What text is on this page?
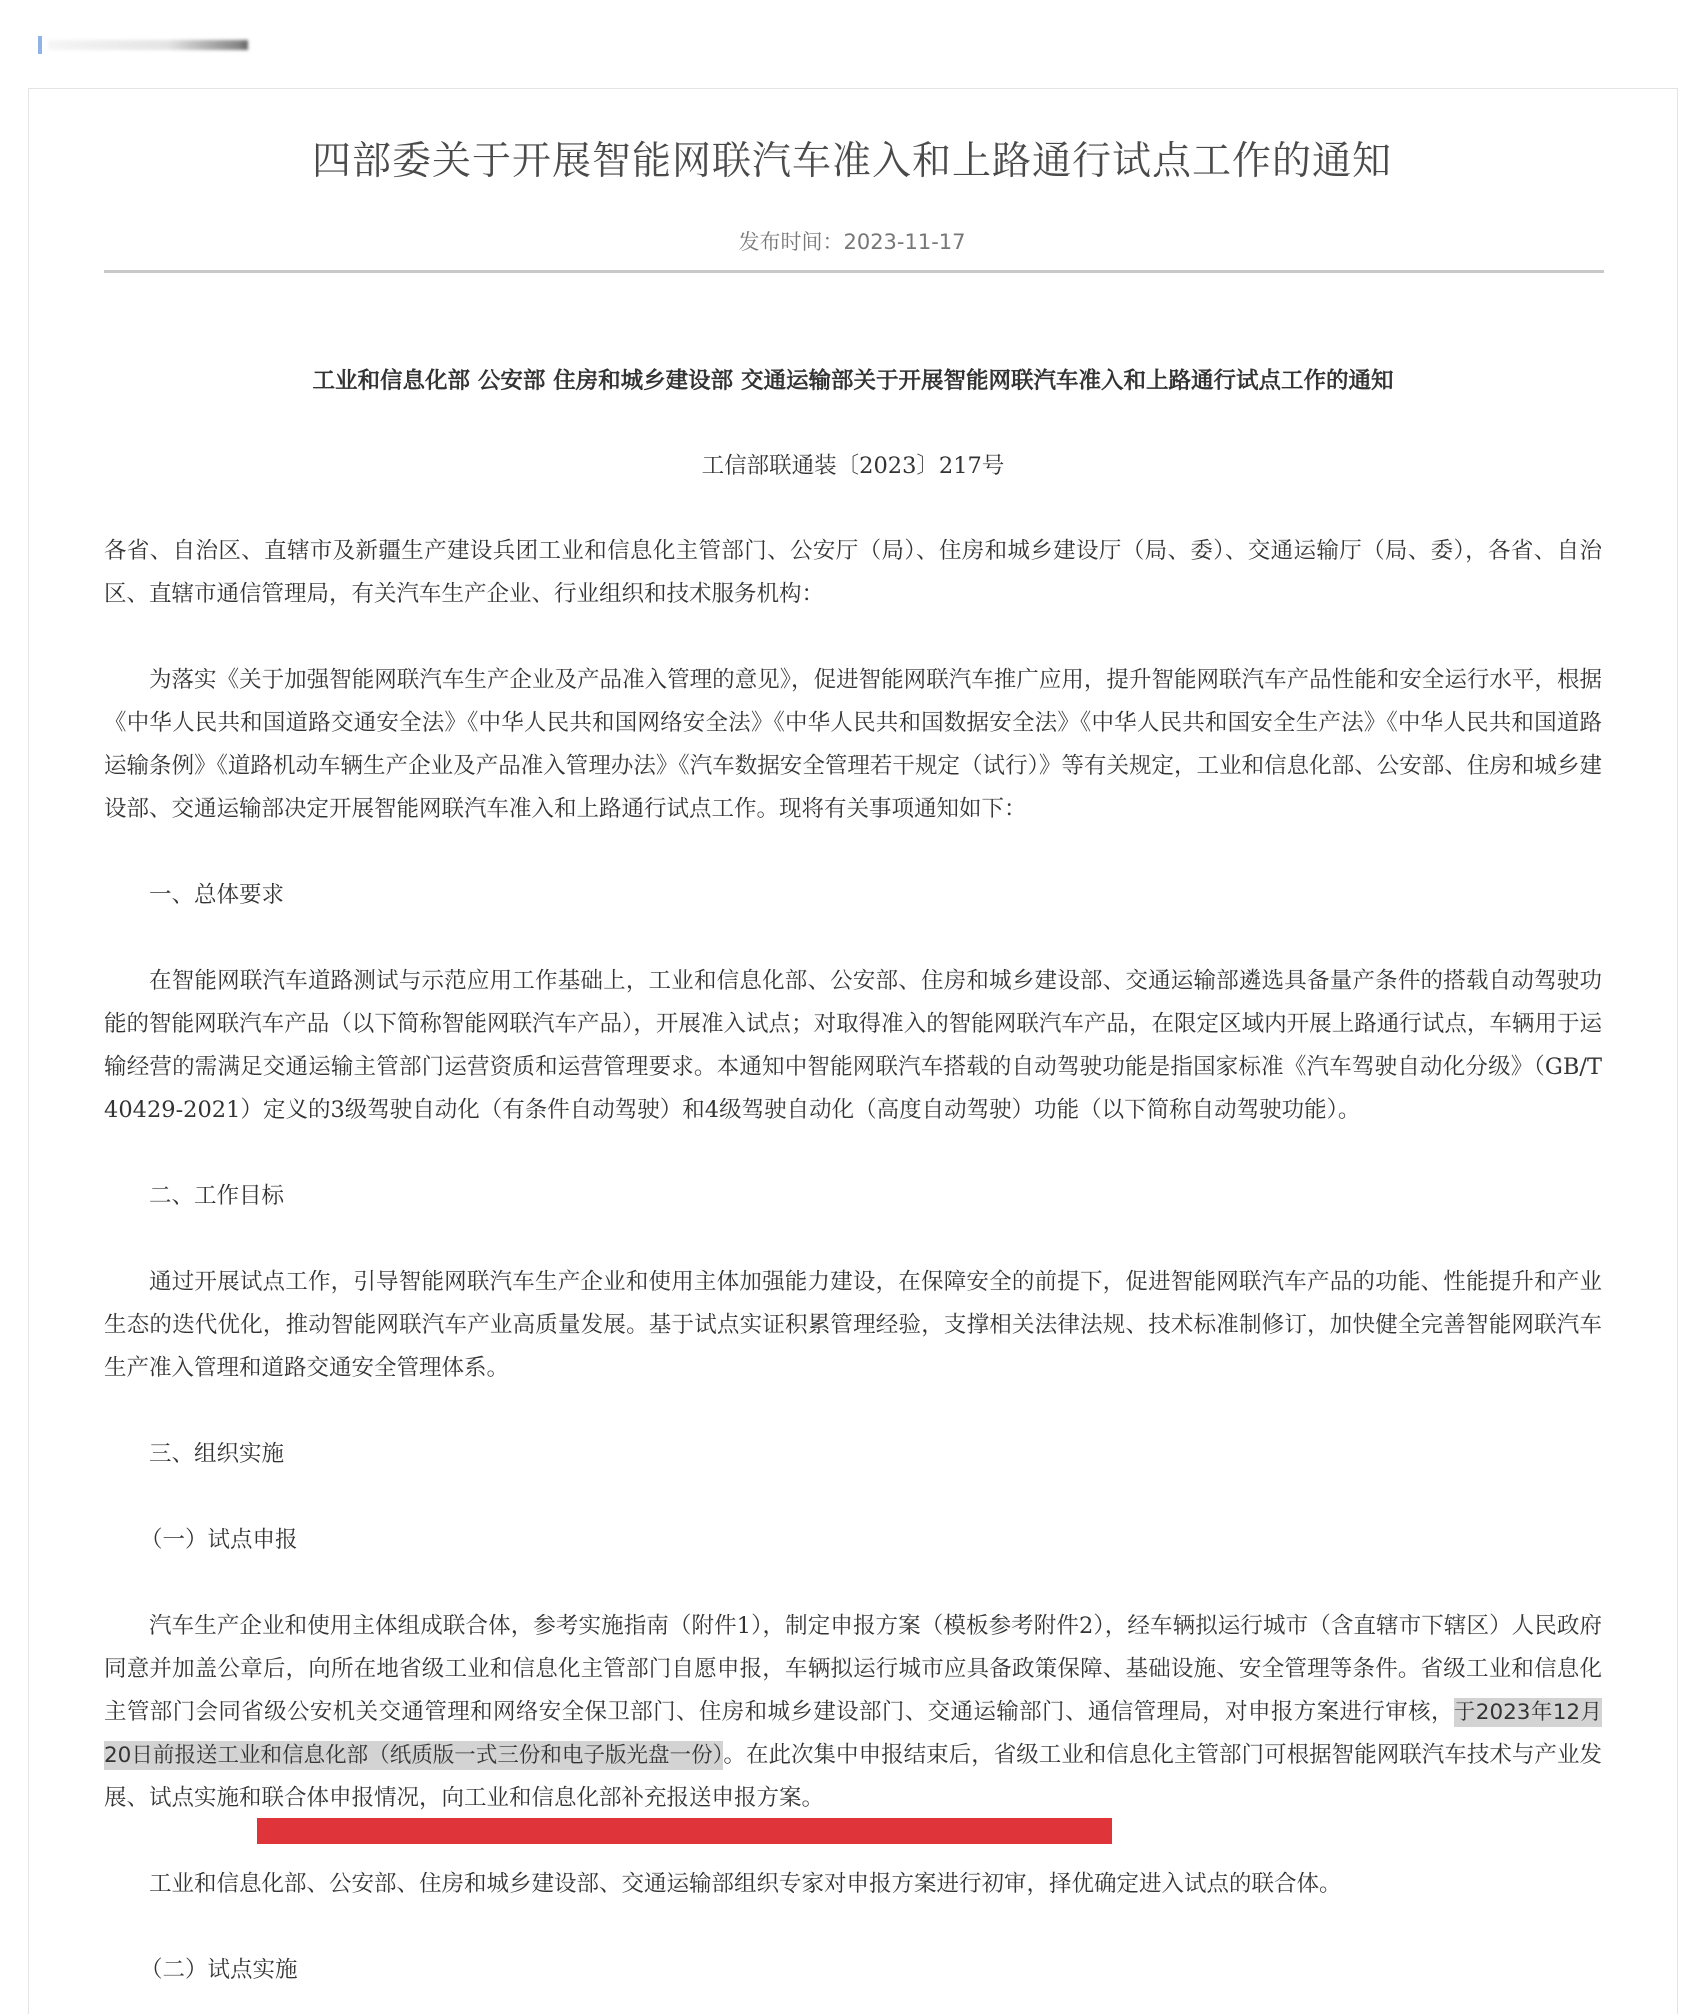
四部委关于开展智能网联汽车准入和上路通行试点工作的通知
发布时间：2023-11-17

工业和信息化部 公安部 住房和城乡建设部 交通运输部关于开展智能网联汽车准入和上路通行试点工作的通知

工信部联通装〔2023〕217号

各省、自治区、直辖市及新疆生产建设兵团工业和信息化主管部门、公安厅（局）、住房和城乡建设厅（局、委）、交通运输厅（局、委），各省、自治区、直辖市通信管理局，有关汽车生产企业、行业组织和技术服务机构：

为落实《关于加强智能网联汽车生产企业及产品准入管理的意见》，促进智能网联汽车推广应用，提升智能网联汽车产品性能和安全运行水平，根据《中华人民共和国道路交通安全法》《中华人民共和国网络安全法》《中华人民共和国数据安全法》《中华人民共和国安全生产法》《中华人民共和国道路运输条例》《道路机动车辆生产企业及产品准入管理办法》《汽车数据安全管理若干规定（试行）》等有关规定，工业和信息化部、公安部、住房和城乡建设部、交通运输部决定开展智能网联汽车准入和上路通行试点工作。现将有关事项通知如下：

一、总体要求

在智能网联汽车道路测试与示范应用工作基础上，工业和信息化部、公安部、住房和城乡建设部、交通运输部遴选具备量产条件的搭载自动驾驶功能的智能网联汽车产品（以下简称智能网联汽车产品），开展准入试点；对取得准入的智能网联汽车产品，在限定区域内开展上路通行试点，车辆用于运输经营的需满足交通运输主管部门运营资质和运营管理要求。本通知中智能网联汽车搭载的自动驾驶功能是指国家标准《汽车驾驶自动化分级》（GB/T 40429-2021）定义的3级驾驶自动化（有条件自动驾驶）和4级驾驶自动化（高度自动驾驶）功能（以下简称自动驾驶功能）。

二、工作目标

通过开展试点工作，引导智能网联汽车生产企业和使用主体加强能力建设，在保障安全的前提下，促进智能网联汽车产品的功能、性能提升和产业生态的迭代优化，推动智能网联汽车产业高质量发展。基于试点实证积累管理经验，支撑相关法律法规、技术标准制修订，加快健全完善智能网联汽车生产准入管理和道路交通安全管理体系。

三、组织实施

（一）试点申报

汽车生产企业和使用主体组成联合体，参考实施指南（附件1），制定申报方案（模板参考附件2），经车辆拟运行城市（含直辖市下辖区）人民政府同意并加盖公章后，向所在地省级工业和信息化主管部门自愿申报，车辆拟运行城市应具备政策保障、基础设施、安全管理等条件。省级工业和信息化主管部门会同省级公安机关交通管理和网络安全保卫部门、住房和城乡建设部门、交通运输部门、通信管理局，对申报方案进行审核，于2023年12月20日前报送工业和信息化部（纸质版一式三份和电子版光盘一份）。在此次集中申报结束后，省级工业和信息化主管部门可根据智能网联汽车技术与产业发展、试点实施和联合体申报情况，向工业和信息化部补充报送申报方案。

工业和信息化部、公安部、住房和城乡建设部、交通运输部组织专家对申报方案进行初审，择优确定进入试点的联合体。

（二）试点实施
